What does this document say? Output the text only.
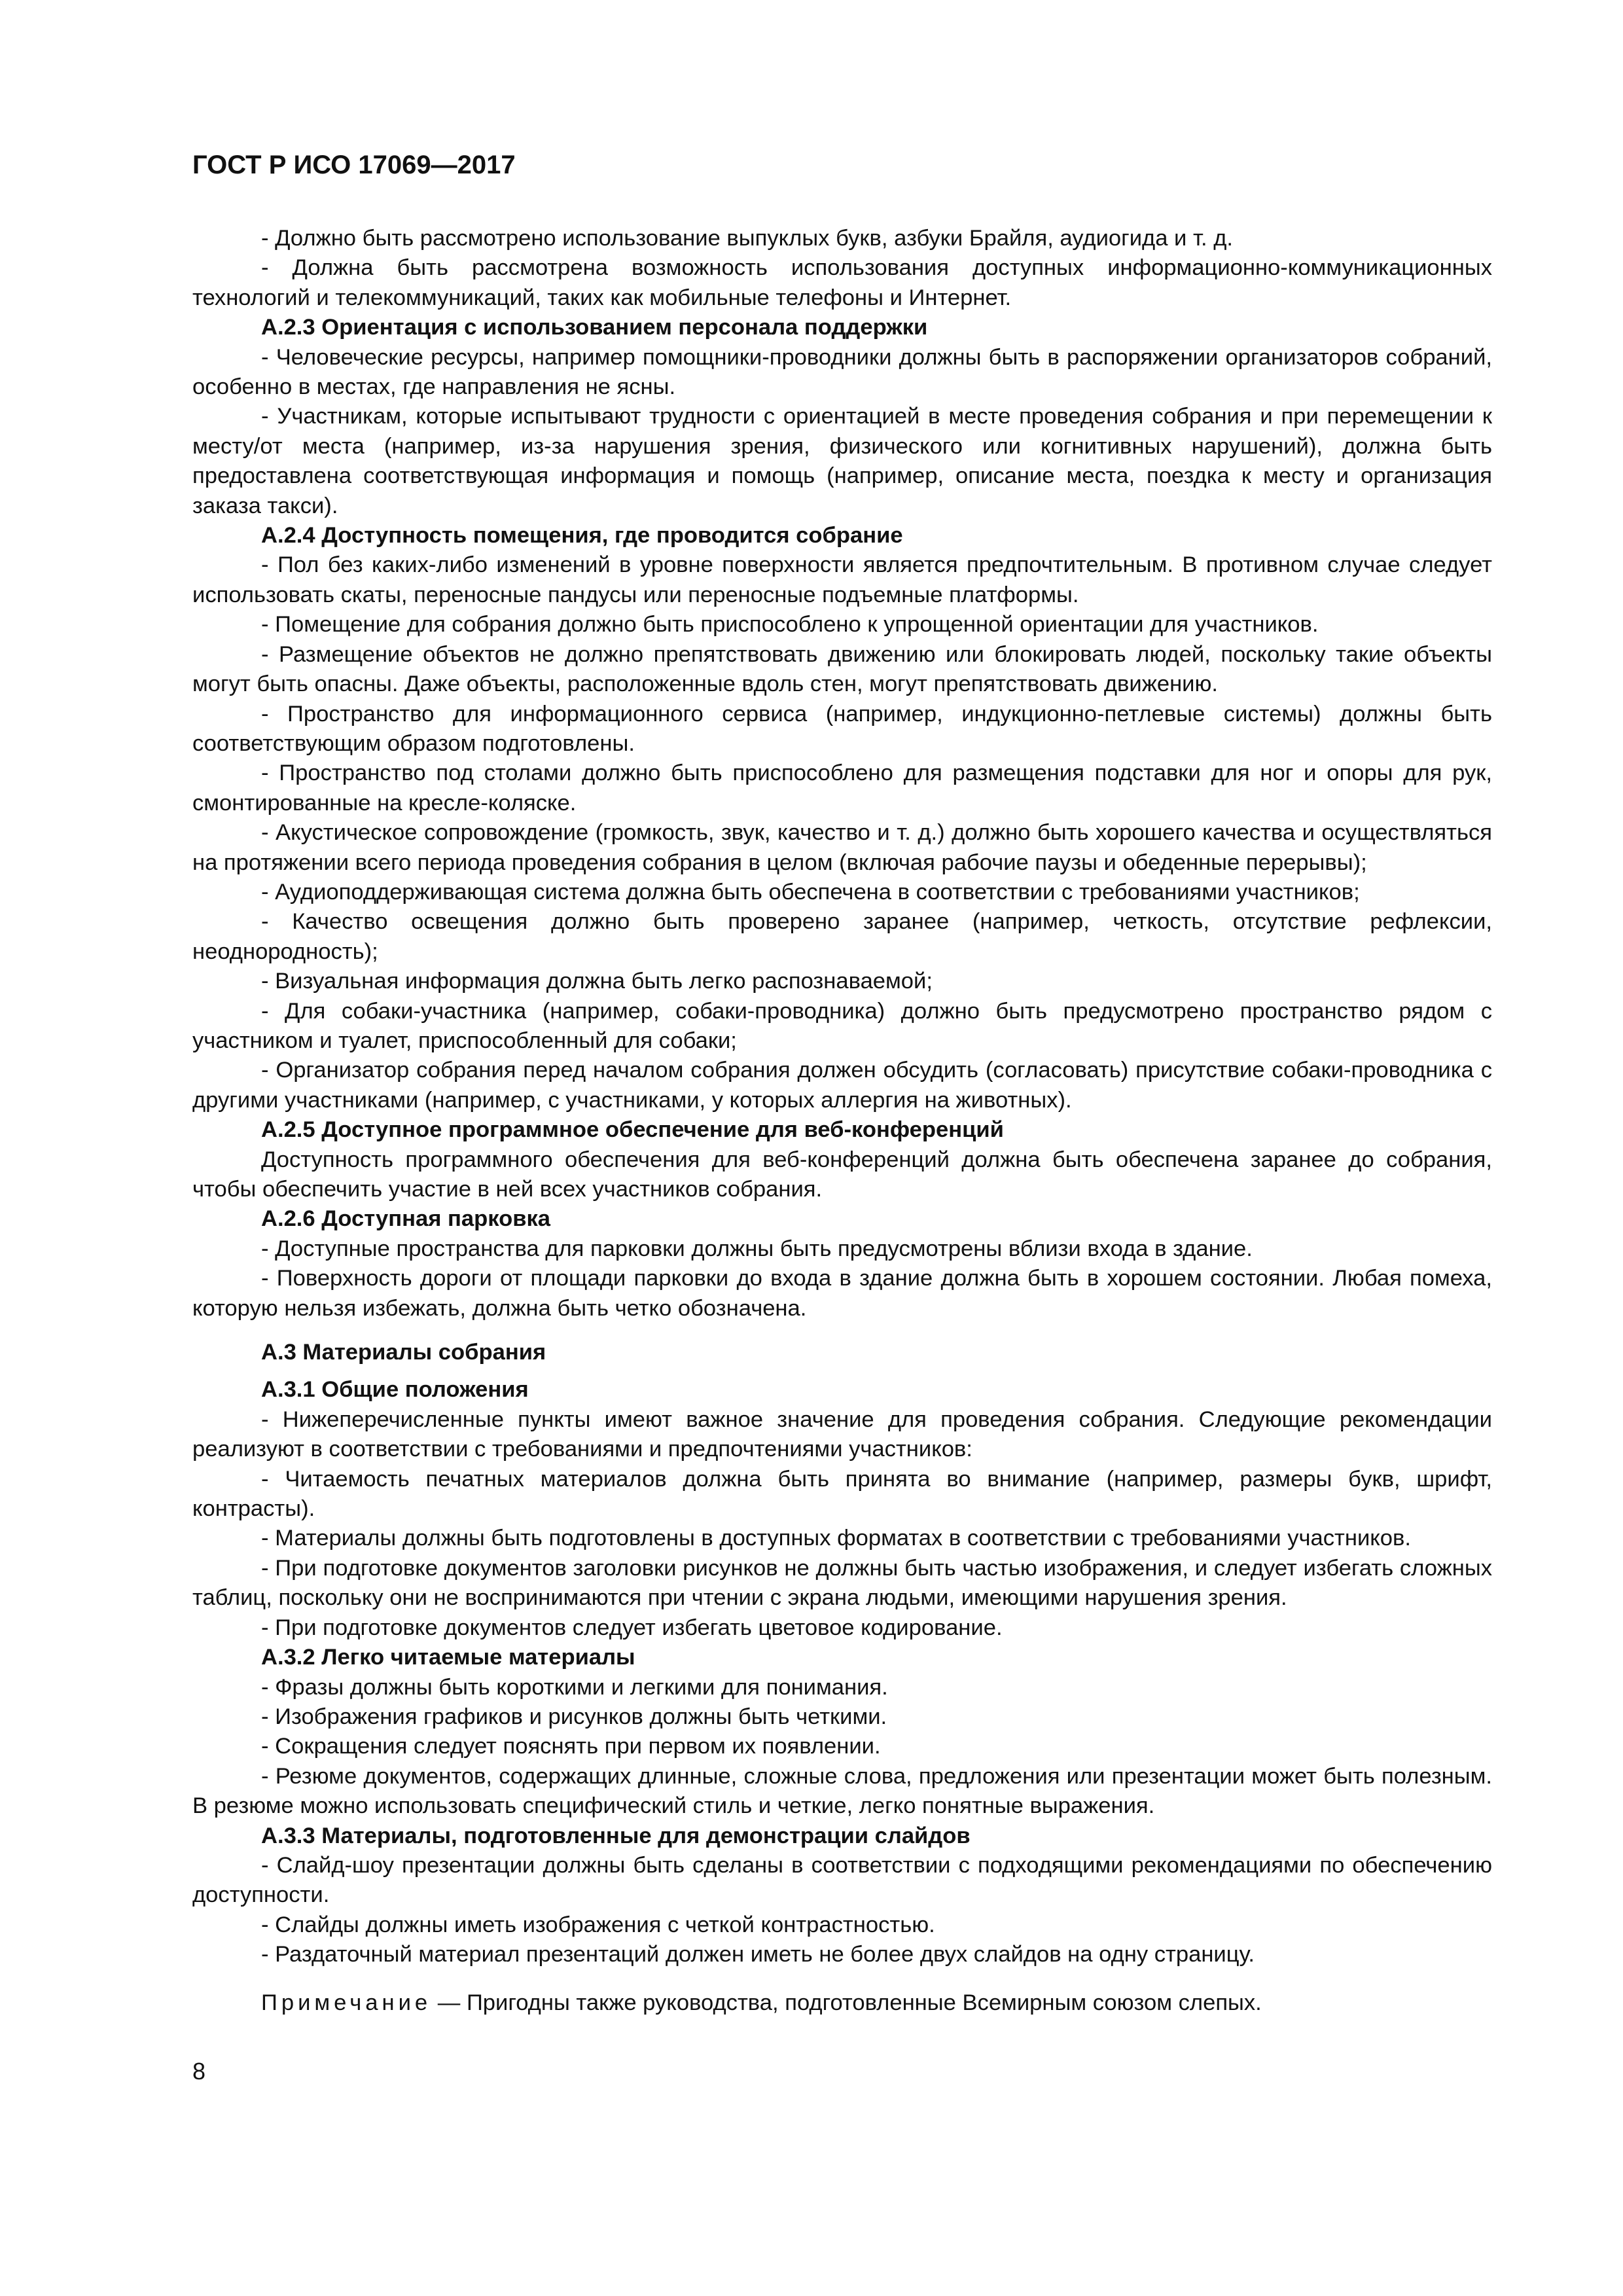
ГОСТ Р ИСО 17069—2017

- Должно быть рассмотрено использование выпуклых букв, азбуки Брайля, аудиогида и т. д.

- Должна быть рассмотрена возможность использования доступных информационно-коммуникационных технологий и телекоммуникаций, таких как мобильные телефоны и Интернет.

А.2.3 Ориентация с использованием персонала поддержки

- Человеческие ресурсы, например помощники-проводники должны быть в распоряжении организаторов собраний, особенно в местах, где направления не ясны.

- Участникам, которые испытывают трудности с ориентацией в месте проведения собрания и при перемещении к месту/от места (например, из-за нарушения зрения, физического или когнитивных нарушений), должна быть предоставлена соответствующая информация и помощь (например, описание места, поездка к месту и организация заказа такси).

А.2.4 Доступность помещения, где проводится собрание

- Пол без каких-либо изменений в уровне поверхности является предпочтительным. В противном случае следует использовать скаты, переносные пандусы или переносные подъемные платформы.

- Помещение для собрания должно быть приспособлено к упрощенной ориентации для участников.

- Размещение объектов не должно препятствовать движению или блокировать людей, поскольку такие объекты могут быть опасны. Даже объекты, расположенные вдоль стен, могут препятствовать движению.

- Пространство для информационного сервиса (например, индукционно-петлевые системы) должны быть соответствующим образом подготовлены.

- Пространство под столами должно быть приспособлено для размещения подставки для ног и опоры для рук, смонтированные на кресле-коляске.

- Акустическое сопровождение (громкость, звук, качество и т. д.) должно быть хорошего качества и осуществляться на протяжении всего периода проведения собрания в целом (включая рабочие паузы и обеденные перерывы);

- Аудиоподдерживающая система должна быть обеспечена в соответствии с требованиями участников;

- Качество освещения должно быть проверено заранее (например, четкость, отсутствие рефлексии, неоднородность);

- Визуальная информация должна быть легко распознаваемой;

- Для собаки-участника (например, собаки-проводника) должно быть предусмотрено пространство рядом с участником и туалет, приспособленный для собаки;

- Организатор собрания перед началом собрания должен обсудить (согласовать) присутствие собаки-проводника с другими участниками (например, с участниками, у которых аллергия на животных).

А.2.5 Доступное программное обеспечение для веб-конференций

Доступность программного обеспечения для веб-конференций должна быть обеспечена заранее до собрания, чтобы обеспечить участие в ней всех участников собрания.

А.2.6 Доступная парковка

- Доступные пространства для парковки должны быть предусмотрены вблизи входа в здание.

- Поверхность дороги от площади парковки до входа в здание должна быть в хорошем состоянии. Любая помеха, которую нельзя избежать, должна быть четко обозначена.

А.3 Материалы собрания

А.3.1 Общие положения

- Нижеперечисленные пункты имеют важное значение для проведения собрания. Следующие рекомендации реализуют в соответствии с требованиями и предпочтениями участников:

- Читаемость печатных материалов должна быть принята во внимание (например, размеры букв, шрифт, контрасты).

- Материалы должны быть подготовлены в доступных форматах в соответствии с требованиями участников.

- При подготовке документов заголовки рисунков не должны быть частью изображения, и следует избегать сложных таблиц, поскольку они не воспринимаются при чтении с экрана людьми, имеющими нарушения зрения.

- При подготовке документов следует избегать цветовое кодирование.

А.3.2 Легко читаемые материалы

- Фразы должны быть короткими и легкими для понимания.

- Изображения графиков и рисунков должны быть четкими.

- Сокращения следует пояснять при первом их появлении.

- Резюме документов, содержащих длинные, сложные слова, предложения или презентации может быть полезным. В резюме можно использовать специфический стиль и четкие, легко понятные выражения.

А.3.3 Материалы, подготовленные для демонстрации слайдов

- Слайд-шоу презентации должны быть сделаны в соответствии с подходящими рекомендациями по обеспечению доступности.

- Слайды должны иметь изображения с четкой контрастностью.

- Раздаточный материал презентаций должен иметь не более двух слайдов на одну страницу.

Примечание — Пригодны также руководства, подготовленные Всемирным союзом слепых.

8
